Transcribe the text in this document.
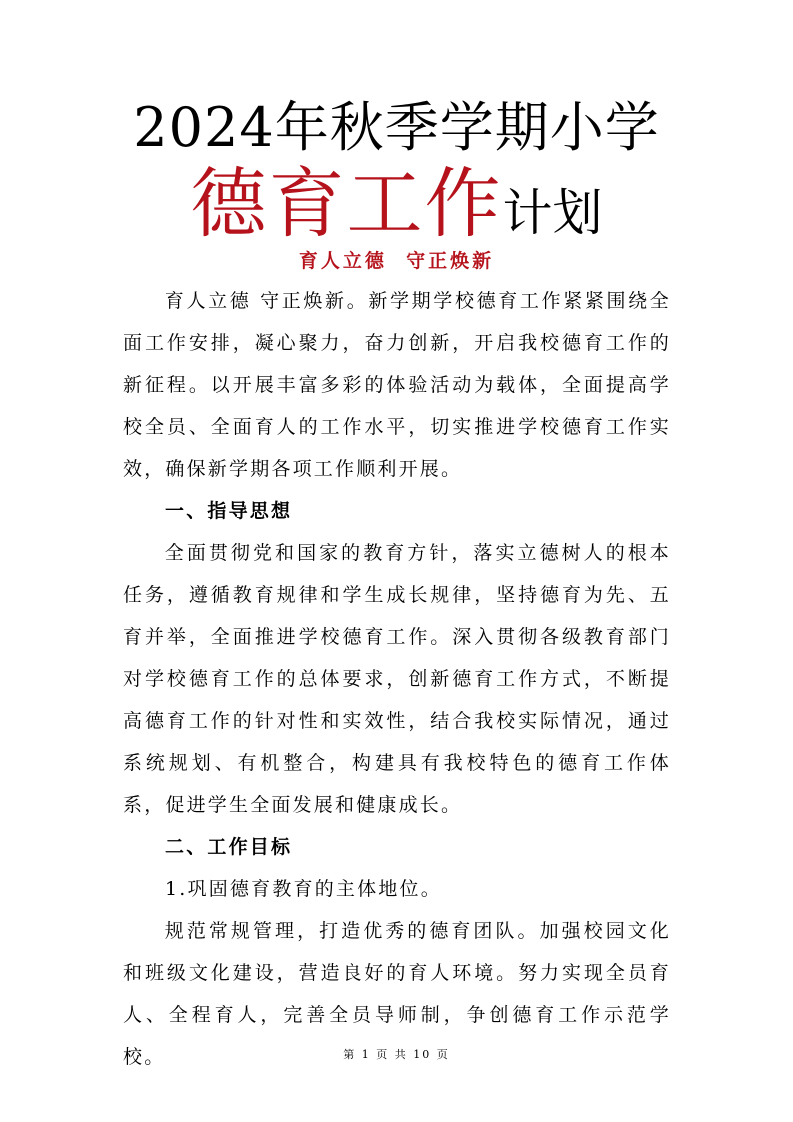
2024年秋季学期小学
德育工作计划
育人立德  守正焕新

育人立德 守正焕新。新学期学校德育工作紧紧围绕全面工作安排，凝心聚力，奋力创新，开启我校德育工作的新征程。以开展丰富多彩的体验活动为载体，全面提高学校全员、全面育人的工作水平，切实推进学校德育工作实效，确保新学期各项工作顺利开展。

一、指导思想

全面贯彻党和国家的教育方针，落实立德树人的根本任务，遵循教育规律和学生成长规律，坚持德育为先、五育并举，全面推进学校德育工作。深入贯彻各级教育部门对学校德育工作的总体要求，创新德育工作方式，不断提高德育工作的针对性和实效性，结合我校实际情况，通过系统规划、有机整合，构建具有我校特色的德育工作体系，促进学生全面发展和健康成长。

二、工作目标

1.巩固德育教育的主体地位。

规范常规管理，打造优秀的德育团队。加强校园文化和班级文化建设，营造良好的育人环境。努力实现全员育人、全程育人，完善全员导师制，争创德育工作示范学校。	第 1 页 共 10 页
